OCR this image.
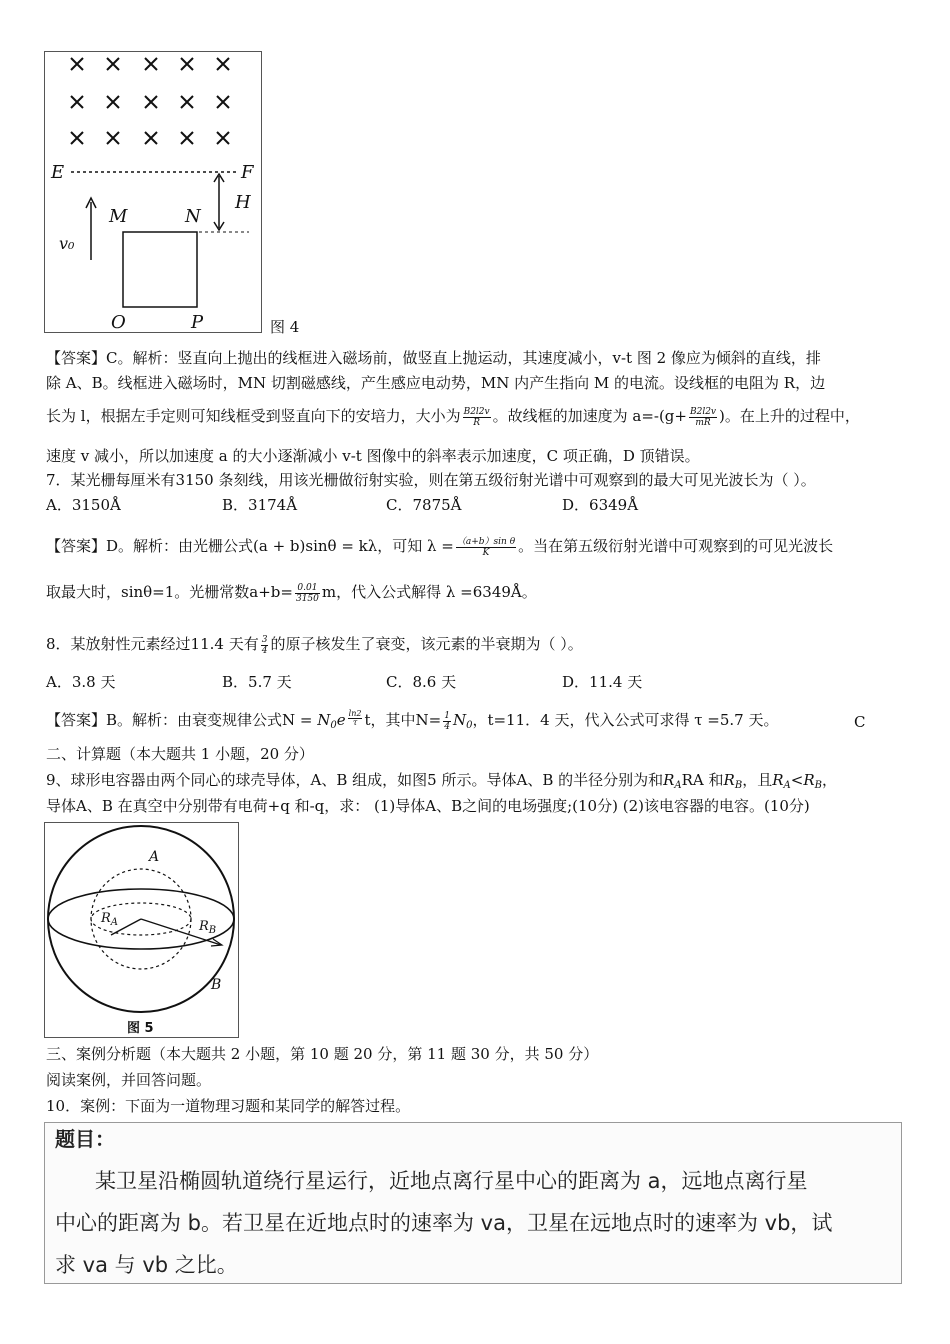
E	F
H
M	N
v₀
O	P	图 4
【答案】C。解析：竖直向上抛出的线框进入磁场前，做竖直上抛运动，其速度减小，v-t 图 2 像应为倾斜的直线，排
除 A、B。线框进入磁场时，MN 切割磁感线，产生感应电动势，MN 内产生指向 M 的电流。设线框的电阻为 R，边
长为 l，根据左手定则可知线框受到竖直向下的安培力，大小为 $\frac{B2l2v}{R}$ 。故线框的加速度为 $a=-(g+ \frac{B2l2v}{mR}$ )。在上升的过程中，
速度 v 减小，所以加速度 a 的大小逐渐减小 v-t 图像中的斜率表示加速度，C 项正确，D 顶错误。
7．某光栅每厘米有3150 条刻线，用该光栅做衍射实验，则在第五级衍射光谱中可观察到的最大可见光波长为（ ）。
A．3150Å	B．3174Å	C．7875Å	D．6349Å
【答案】D。解析：由光栅公式(a + b)sinθ = kλ，可知 $\lambda = \frac{\text{（a+b）sin θ}}{K}$ 。当在第五级衍射光谱中可观察到的可见光波长
取最大时，sinθ=1。光栅常数$a+b= \frac{0.01}{3150}$ m，代入公式解得 λ =6349Å。
8．某放射性元素经过11.4 天有 $\frac{3}{4}$ 的原子核发生了衰变，该元素的半衰期为（ ）。
A．3.8 天	B．5.7 天	C．8.6 天	D．11.4 天
【答案】B。解析：由衰变规律公式$N = N_0e \frac{\ln 2}{\tau}$ t，其中$N= \frac{1}{4} N_0$，t=11．4 天，代入公式可求得 τ =5.7 天。	C
二、计算题（本大题共 1 小题，20 分）
9、球形电容器由两个同心的球壳导体，A、B 组成，如图5 所示。导体A、B 的半径分别为和$R_ARA$ 和$R_B$，且$R_A<R_B$，
导体A、B 在真空中分别带有电荷+q 和-q，求： (1)导体A、B之间的电场强度;(10分) (2)该电容器的电容。(10分)
A
$R_A$	$R_B$
B
图 5
三、案例分析题（本大题共 2 小题，第 10 题 20 分，第 11 题 30 分，共 50 分）
阅读案例，并回答问题。
10．案例：下面为一道物理习题和某同学的解答过程。
题目：
某卫星沿椭圆轨道绕行星运行，近地点离行星中心的距离为 a，远地点离行星
中心的距离为 b。若卫星在近地点时的速率为 va，卫星在远地点时的速率为 vb，试
求 va 与 vb 之比。
